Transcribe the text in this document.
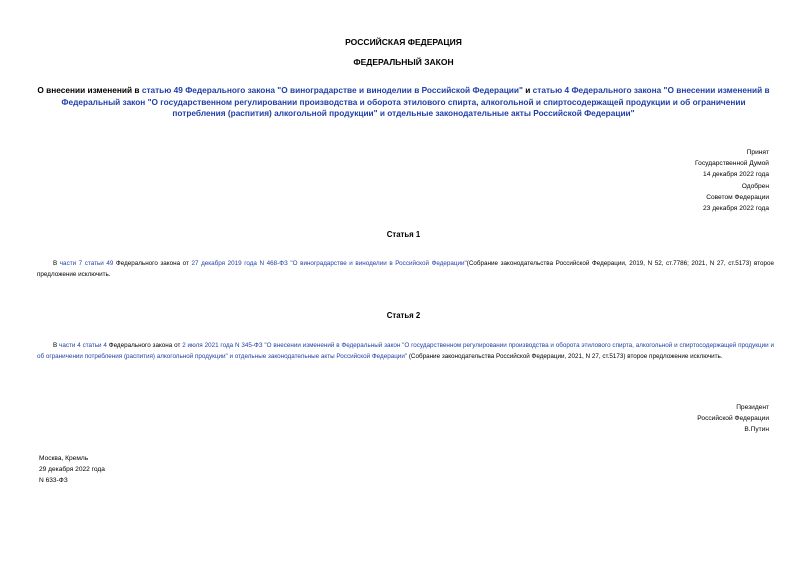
РОССИЙСКАЯ ФЕДЕРАЦИЯ
ФЕДЕРАЛЬНЫЙ ЗАКОН
О внесении изменений в статью 49 Федерального закона "О виноградарстве и виноделии в Российской Федерации" и статью 4 Федерального закона "О внесении изменений в Федеральный закон "О государственном регулировании производства и оборота этилового спирта, алкогольной и спиртосодержащей продукции и об ограничении потребления (распития) алкогольной продукции" и отдельные законодательные акты Российской Федерации"
Принят
Государственной Думой
14 декабря 2022 года
Одобрен
Советом Федерации
23 декабря 2022 года
Статья 1
В части 7 статьи 49 Федерального закона от 27 декабря 2019 года N 468-ФЗ "О виноградарстве и виноделии в Российской Федерации"(Собрание законодательства Российской Федерации, 2019, N 52, ст.7786; 2021, N 27, ст.5173) второе предложение исключить.
Статья 2
В части 4 статьи 4 Федерального закона от 2 июля 2021 года N 345-ФЗ "О внесении изменений в Федеральный закон "О государственном регулировании производства и оборота этилового спирта, алкогольной и спиртосодержащей продукции и об ограничении потребления (распития) алкогольной продукции" и отдельные законодательные акты Российской Федерации" (Собрание законодательства Российской Федерации, 2021, N 27, ст.5173) второе предложение исключить.
Президент
Российской Федерации
В.Путин
Москва, Кремль
29 декабря 2022 года
N 633-ФЗ
